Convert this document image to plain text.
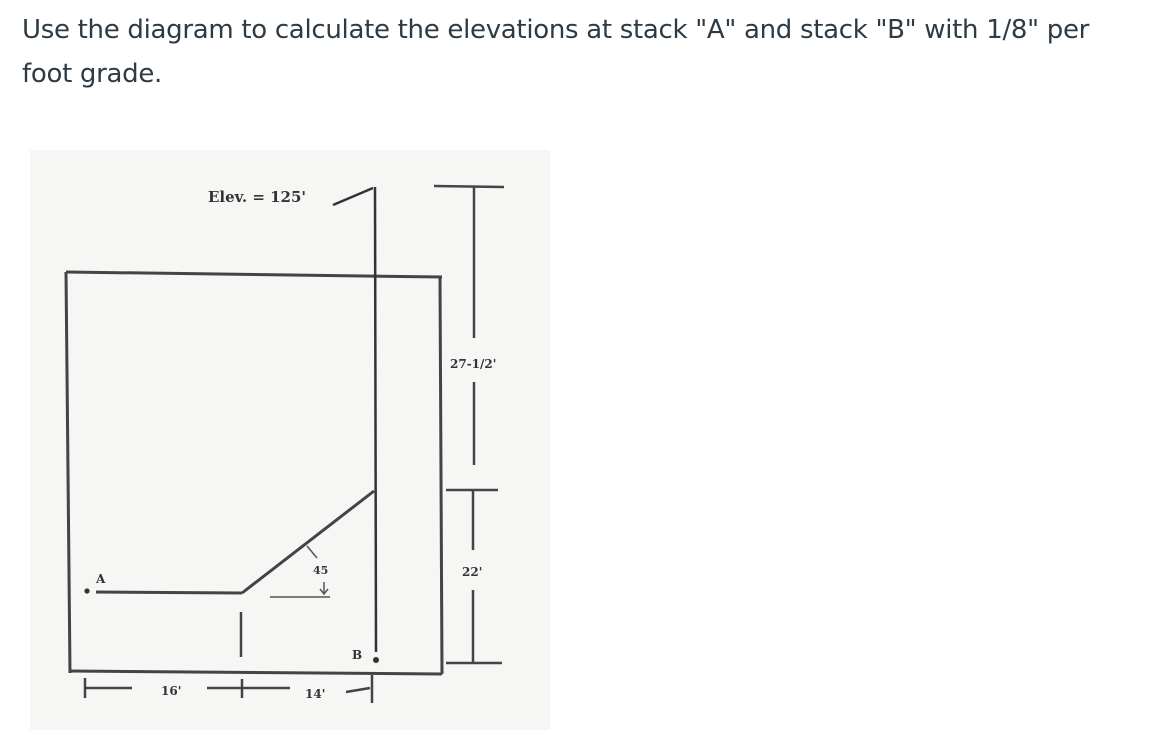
Use the diagram to calculate the elevations at stack "A" and stack "B" with 1/8" per foot grade.

45
A
B
Elev. = 125'
27-1/2'
22'
16'	14'
